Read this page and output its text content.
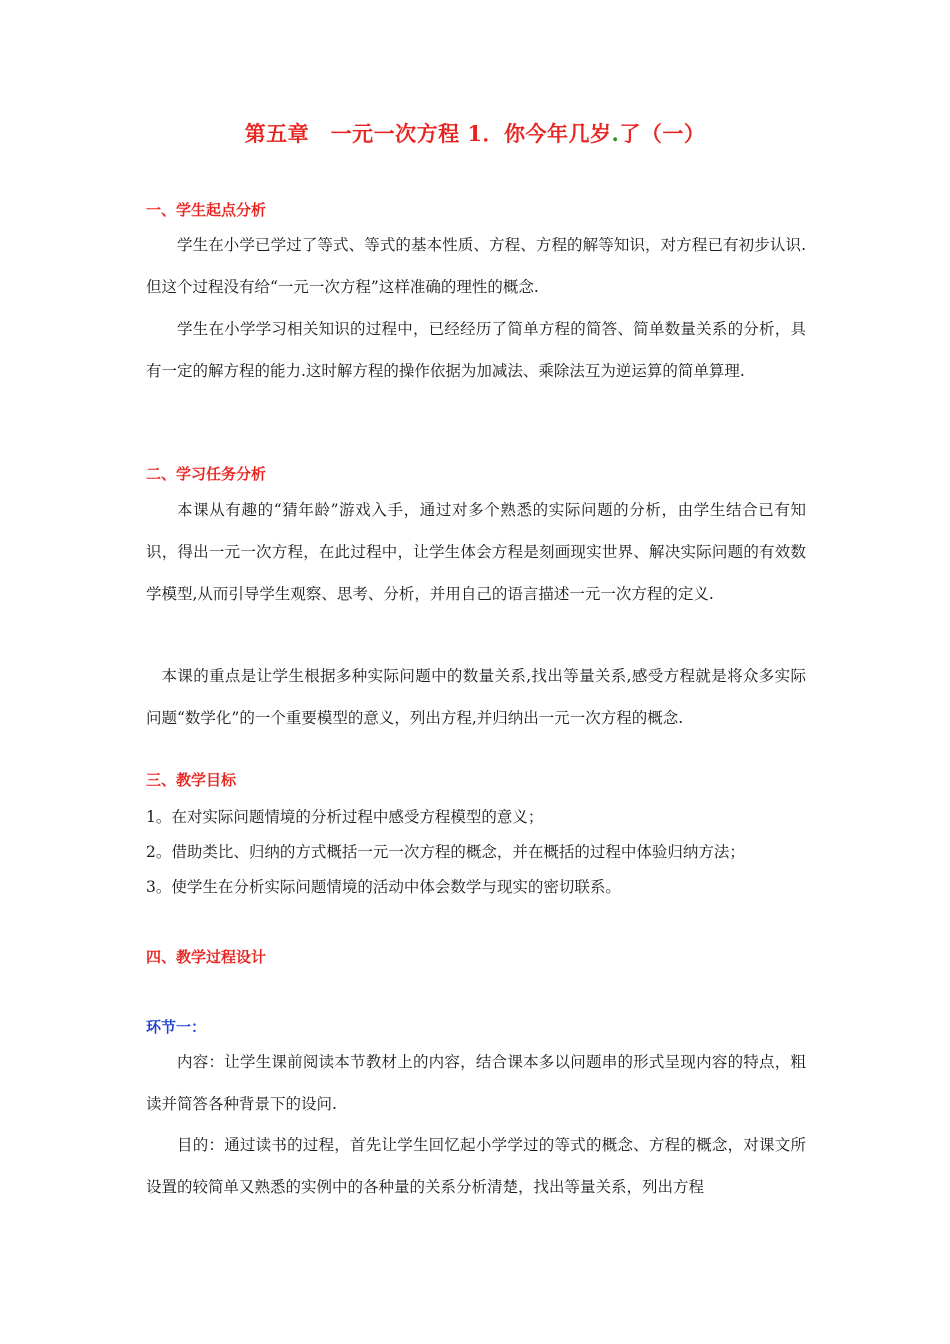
第五章　一元一次方程 1．你今年几岁.了（一）
一、学生起点分析

学生在小学已学过了等式、等式的基本性质、方程、方程的解等知识，对方程已有初步认识. 但这个过程没有给“一元一次方程”这样准确的理性的概念.

学生在小学学习相关知识的过程中，已经经历了简单方程的简答、简单数量关系的分析，具有一定的解方程的能力.这时解方程的操作依据为加减法、乘除法互为逆运算的简单算理.

二、学习任务分析

本课从有趣的“猜年龄”游戏入手，通过对多个熟悉的实际问题的分析，由学生结合已有知识，得出一元一次方程，在此过程中，让学生体会方程是刻画现实世界、解决实际问题的有效数学模型,从而引导学生观察、思考、分析，并用自己的语言描述一元一次方程的定义.

本课的重点是让学生根据多种实际问题中的数量关系,找出等量关系,感受方程就是将众多实际问题“数学化”的一个重要模型的意义，列出方程,并归纳出一元一次方程的概念.

三、教学目标
1。在对实际问题情境的分析过程中感受方程模型的意义；
2。借助类比、归纳的方式概括一元一次方程的概念，并在概括的过程中体验归纳方法；
3。使学生在分析实际问题情境的活动中体会数学与现实的密切联系。
四、教学过程设计
环节一：

内容：让学生课前阅读本节教材上的内容，结合课本多以问题串的形式呈现内容的特点，粗读并简答各种背景下的设问.

目的：通过读书的过程，首先让学生回忆起小学学过的等式的概念、方程的概念，对课文所设置的较简单又熟悉的实例中的各种量的关系分析清楚，找出等量关系，列出方程
